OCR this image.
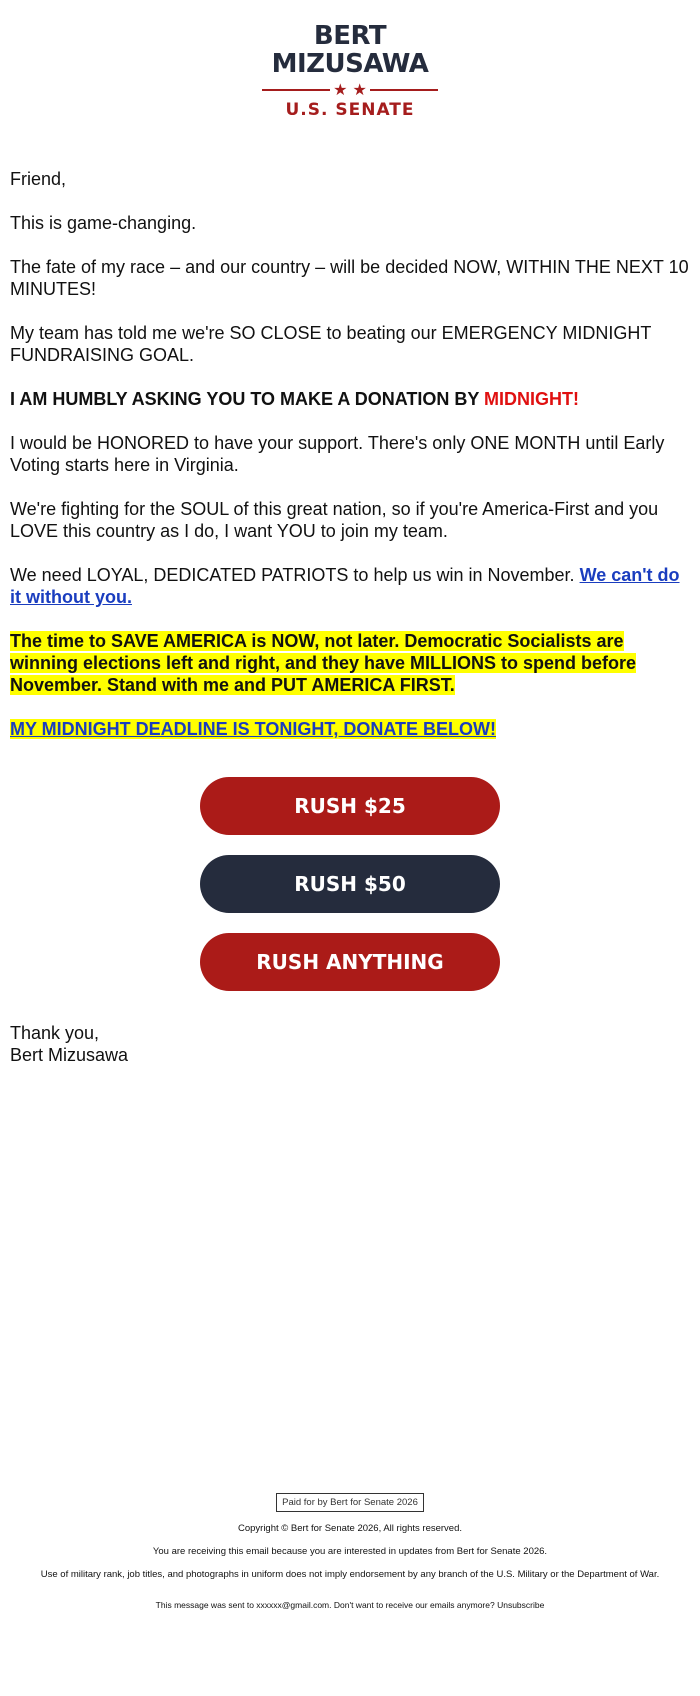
BERT
MIZUSAWA
★ ★
U.S. SENATE

Friend,

This is game-changing.

The fate of my race – and our country – will be decided NOW, WITHIN THE NEXT 10 MINUTES!

My team has told me we're SO CLOSE to beating our EMERGENCY MIDNIGHT FUNDRAISING GOAL.

I AM HUMBLY ASKING YOU TO MAKE A DONATION BY MIDNIGHT!

I would be HONORED to have your support. There's only ONE MONTH until Early Voting starts here in Virginia.

We're fighting for the SOUL of this great nation, so if you're America-First and you LOVE this country as I do, I want YOU to join my team.

We need LOYAL, DEDICATED PATRIOTS to help us win in November. We can't do it without you.

The time to SAVE AMERICA is NOW, not later. Democratic Socialists are winning elections left and right, and they have MILLIONS to spend before November. Stand with me and PUT AMERICA FIRST.

MY MIDNIGHT DEADLINE IS TONIGHT, DONATE BELOW!

RUSH $25
RUSH $50
RUSH ANYTHING
Thank you,
Bert Mizusawa
Paid for by Bert for Senate 2026
Copyright © Bert for Senate 2026, All rights reserved.
You are receiving this email because you are interested in updates from Bert for Senate 2026.
Use of military rank, job titles, and photographs in uniform does not imply endorsement by any branch of the U.S. Military or the Department of War.
This message was sent to xxxxxx@gmail.com. Don't want to receive our emails anymore? Unsubscribe
